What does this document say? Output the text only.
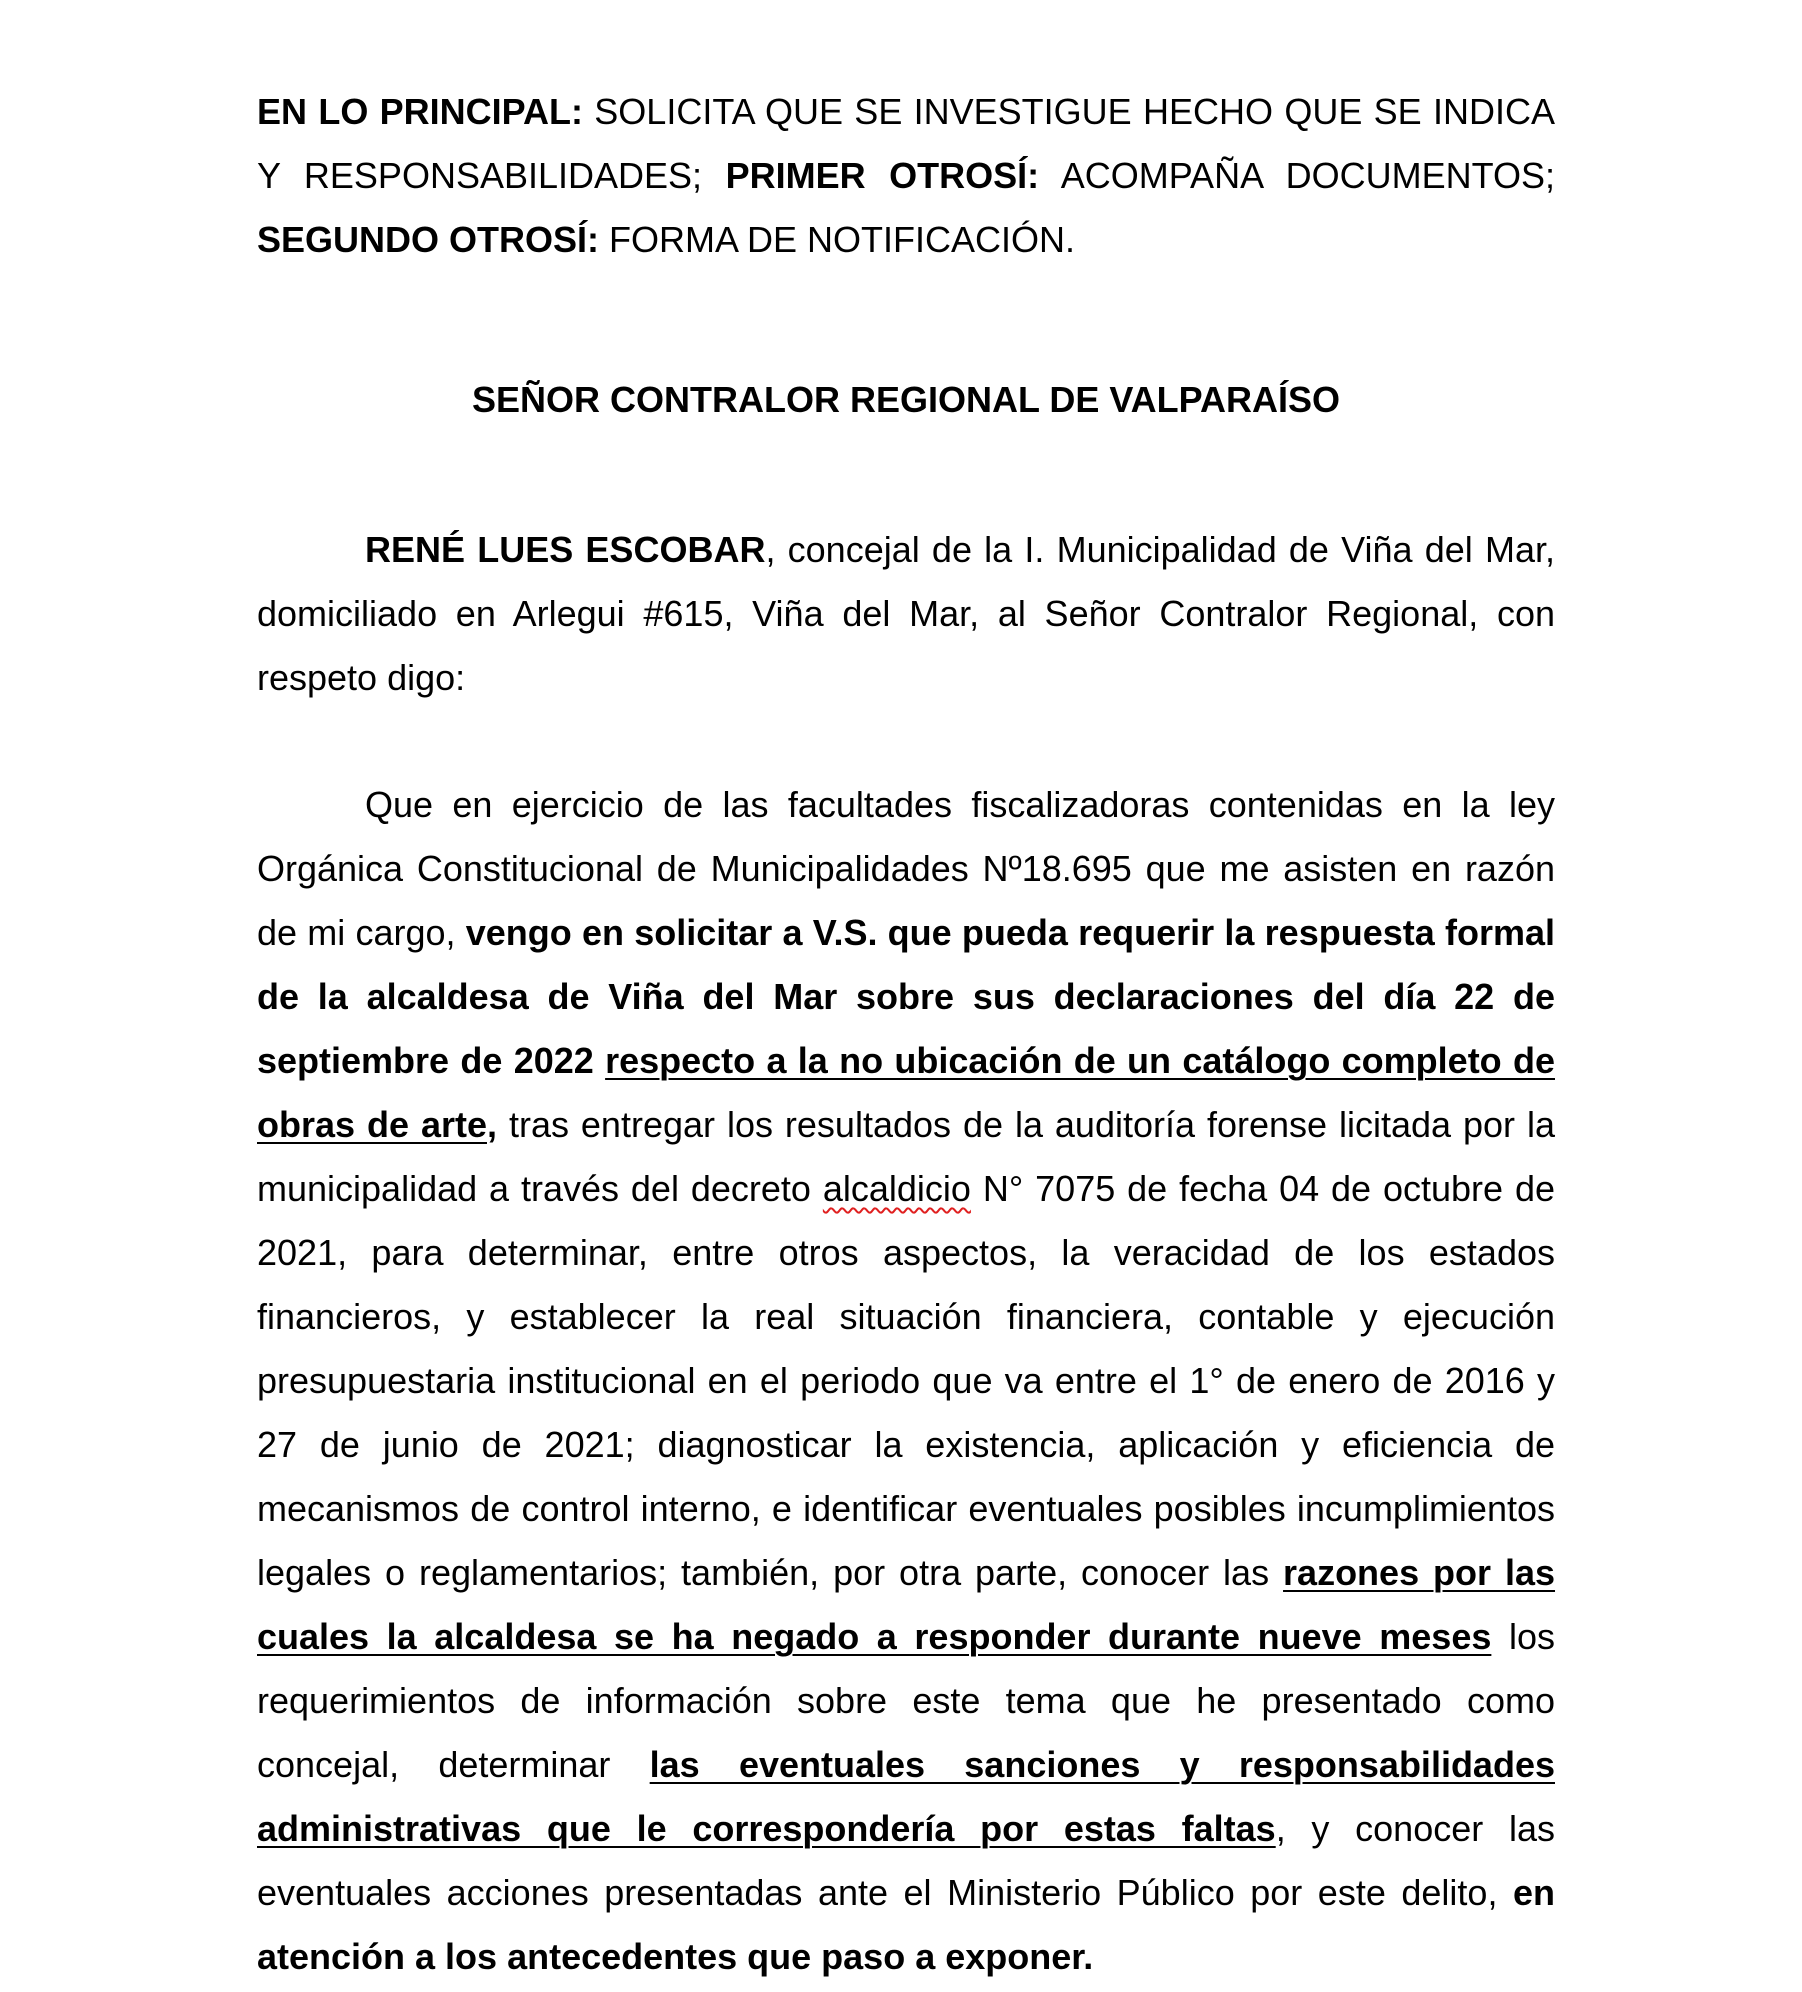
EN LO PRINCIPAL: SOLICITA QUE SE INVESTIGUE HECHO QUE SE INDICA Y RESPONSABILIDADES; PRIMER OTROSÍ: ACOMPAÑA DOCUMENTOS; SEGUNDO OTROSÍ: FORMA DE NOTIFICACIÓN.

SEÑOR CONTRALOR REGIONAL DE VALPARAÍSO

RENÉ LUES ESCOBAR, concejal de la I. Municipalidad de Viña del Mar, domiciliado en Arlegui #615, Viña del Mar, al Señor Contralor Regional, con respeto digo:

Que en ejercicio de las facultades fiscalizadoras contenidas en la ley Orgánica Constitucional de Municipalidades Nº18.695 que me asisten en razón de mi cargo, vengo en solicitar a V.S. que pueda requerir la respuesta formal de la alcaldesa de Viña del Mar sobre sus declaraciones del día 22 de septiembre de 2022 respecto a la no ubicación de un catálogo completo de obras de arte, tras entregar los resultados de la auditoría forense licitada por la municipalidad a través del decreto alcaldicio N° 7075 de fecha 04 de octubre de 2021, para determinar, entre otros aspectos, la veracidad de los estados financieros, y establecer la real situación financiera, contable y ejecución presupuestaria institucional en el periodo que va entre el 1° de enero de 2016 y 27 de junio de 2021; diagnosticar la existencia, aplicación y eficiencia de mecanismos de control interno, e identificar eventuales posibles incumplimientos legales o reglamentarios; también, por otra parte, conocer las razones por las cuales la alcaldesa se ha negado a responder durante nueve meses los requerimientos de información sobre este tema que he presentado como concejal, determinar las eventuales sanciones y responsabilidades administrativas que le correspondería por estas faltas, y conocer las eventuales acciones presentadas ante el Ministerio Público por este delito, en atención a los antecedentes que paso a exponer.
